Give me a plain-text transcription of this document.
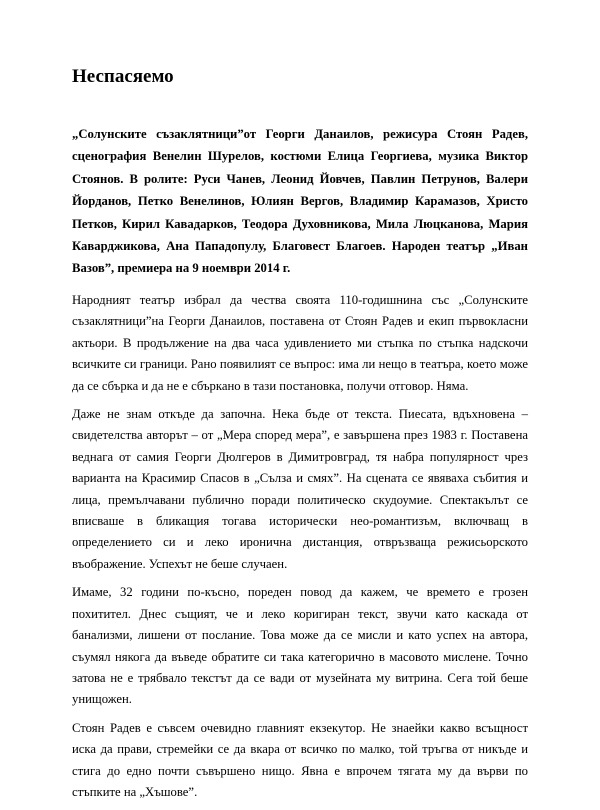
Неспасяемо

„Солунските съзаклятници”от Георги Данаилов, режисура Стоян Радев, сценография Венелин Шурелов, костюми Елица Георгиева, музика Виктор Стоянов. В ролите: Руси Чанев, Леонид Йовчев, Павлин Петрунов, Валери Йорданов, Петко Венелинов, Юлиян Вергов, Владимир Карамазов, Христо Петков, Кирил Кавадарков, Теодора Духовникова, Мила Люцканова, Мария Каварджикова, Ана Пападопулу, Благовест Благоев. Народен театър „Иван Вазов”, премиера на 9 ноември 2014 г.

Народният театър избрал да чества своята 110-годишнина със „Солунските съзаклятници”на Георги Данаилов, поставена от Стоян Радев и екип първокласни актьори. В продължение на два часа удивлението ми стъпка по стъпка надскочи всичките си граници. Рано появилият се въпрос: има ли нещо в театъра, което може да се сбърка и да не е сбъркано в тази постановка, получи отговор. Няма.

Даже не знам откъде да започна. Нека бъде от текста. Пиесата, вдъхновена – свидетелства авторът – от „Мера според мера”, е завършена през 1983 г. Поставена веднага от самия Георги Дюлгеров в Димитровград, тя набра популярност чрез варианта на Красимир Спасов в „Сълза и смях”. На сцената се явяваха събития и лица, премълчавани публично поради политическо скудоумие. Спектакълът се вписваше в бликащия тогава исторически нео-романтизъм, включващ в определението си и леко иронична дистанция, отвръзваща режисьорското въображение. Успехът не беше случаен.

Имаме, 32 години по-късно, пореден повод да кажем, че времето е грозен похитител. Днес същият, че и леко коригиран текст, звучи като каскада от банализми, лишени от послание. Това може да се мисли и като успех на автора, съумял някога да въведе обратите си така категорично в масовото мислене. Точно затова не е трябвало текстът да се вади от музейната му витрина. Сега той беше унищожен.

Стоян Радев е съвсем очевидно главният екзекутор. Не знаейки какво всъщност иска да прави, стремейки се да вкара от всичко по малко, той тръгва от никъде и стига до едно почти съвършено нищо. Явна е впрочем тягата му да върви по стъпките на „Хъшове”.
